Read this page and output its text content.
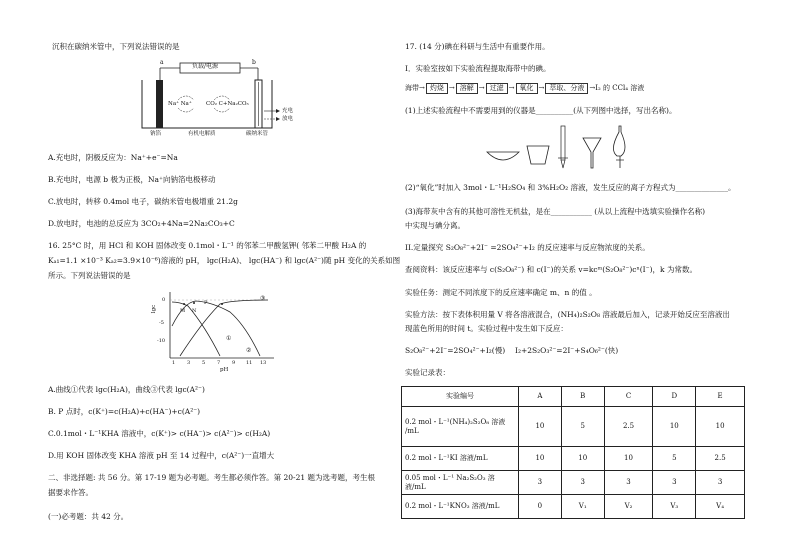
沉积在碳纳米管中，下列说法错误的是
负载/电源
a	b
Na⁺ Na⁺	CO₂ C+Na₂CO₃
钠箔	有机电解质	碳纳米管
充电
放电
A.充电时，阴极反应为：Na⁺+e⁻=Na
B.充电时，电源 b 极为正极，Na⁺向钠箔电极移动
C.放电时，转移 0.4mol 电子，碳纳米管电极增重 21.2g
D.放电时，电池的总反应为 3CO₂+4Na=2Na₂CO₃+C
16. 25°C 时，用 HCl 和 KOH 固体改变 0.1mol・L⁻¹ 的邻苯二甲酸氢钾( 邻苯二甲酸 H₂A 的
Kₐ₁=1.1 ×10⁻³ Kₐ₂=3.9×10⁻⁶)溶液的 pH， lgc(H₂A)、 lgc(HA⁻) 和 lgc(A²⁻)随 pH 变化的关系如图
所示。下列说法错误的是
lgc
0
-5
-10
1 3 5 7 9 11 13
pH
①
②
③
M N
P
A.曲线①代表 lgc(H₂A)，曲线③代表 lgc(A²⁻)
B. P 点时，c(K⁺)=c(H₂A)+c(HA⁻)+c(A²⁻)
C.0.1mol・L⁻¹KHA 溶液中，c(K⁺)> c(HA⁻)> c(A²⁻)> c(H₂A)
D.用 KOH 固体改变 KHA 溶液 pH 至 14 过程中，c(A²⁻)一直增大
二、非选择题: 共 56 分。第 17-19 题为必考题。考生都必须作答。第 20-21 题为选考题，考生根
据要求作答。
(一)必考题：共 42 分。
17. (14 分)碘在科研与生活中有重要作用。
I．实验室按如下实验流程提取海带中的碘。
海带→ 灼烧 → 溶解 → 过滤 → 氧化 → 萃取、分液 →I₂ 的 CCl₄ 溶液
(1)上述实验流程中不需要用到的仪器是__________(从下列图中选择，写出名称)。
(2)“氧化”时加入 3mol・L⁻¹H₂SO₄ 和 3%H₂O₂ 溶液，发生反应的离子方程式为______________。
(3)海带灰中含有的其他可溶性无机盐，是在___________ (从以上流程中选填实验操作名称)
中实现与碘分离。
II.定量探究 S₂O₈²⁻+2I⁻ =2SO₄²⁻+I₂ 的反应速率与反应物浓度的关系。
查阅资料：该反应速率与 c(S₂O₈²⁻) 和 c(I⁻)的关系 v=kcᵐ(S₂O₈²⁻)cⁿ(I⁻)，k 为常数。
实验任务：测定不同浓度下的反应速率确定 m、n 的值 。
实验方法：按下表体积用量 V 将各溶液混合，(NH₄)₂S₂O₈ 溶液最后加入，记录开始反应至溶液出
现蓝色所用的时间 t。实验过程中发生如下反应：
S₂O₈²⁻+2I⁻=2SO₄²⁻+I₂(慢) I₂+2S₂O₃²⁻=2I⁻+S₄O₆²⁻(快)
实验记录表：
实验编号	A	B	C	D	E
0.2 mol・L⁻¹(NH₄)₂S₂O₈ 溶液 /mL	10	5	2.5	10	10
0.2 mol・L⁻¹KI 溶液/mL	10	10	10	5	2.5
0.05 mol・L⁻¹ Na₂S₂O₃ 溶液/mL	3	3	3	3	3
0.2 mol・L⁻¹KNO₃ 溶液/mL	0	V₁	V₂	V₃	V₄
